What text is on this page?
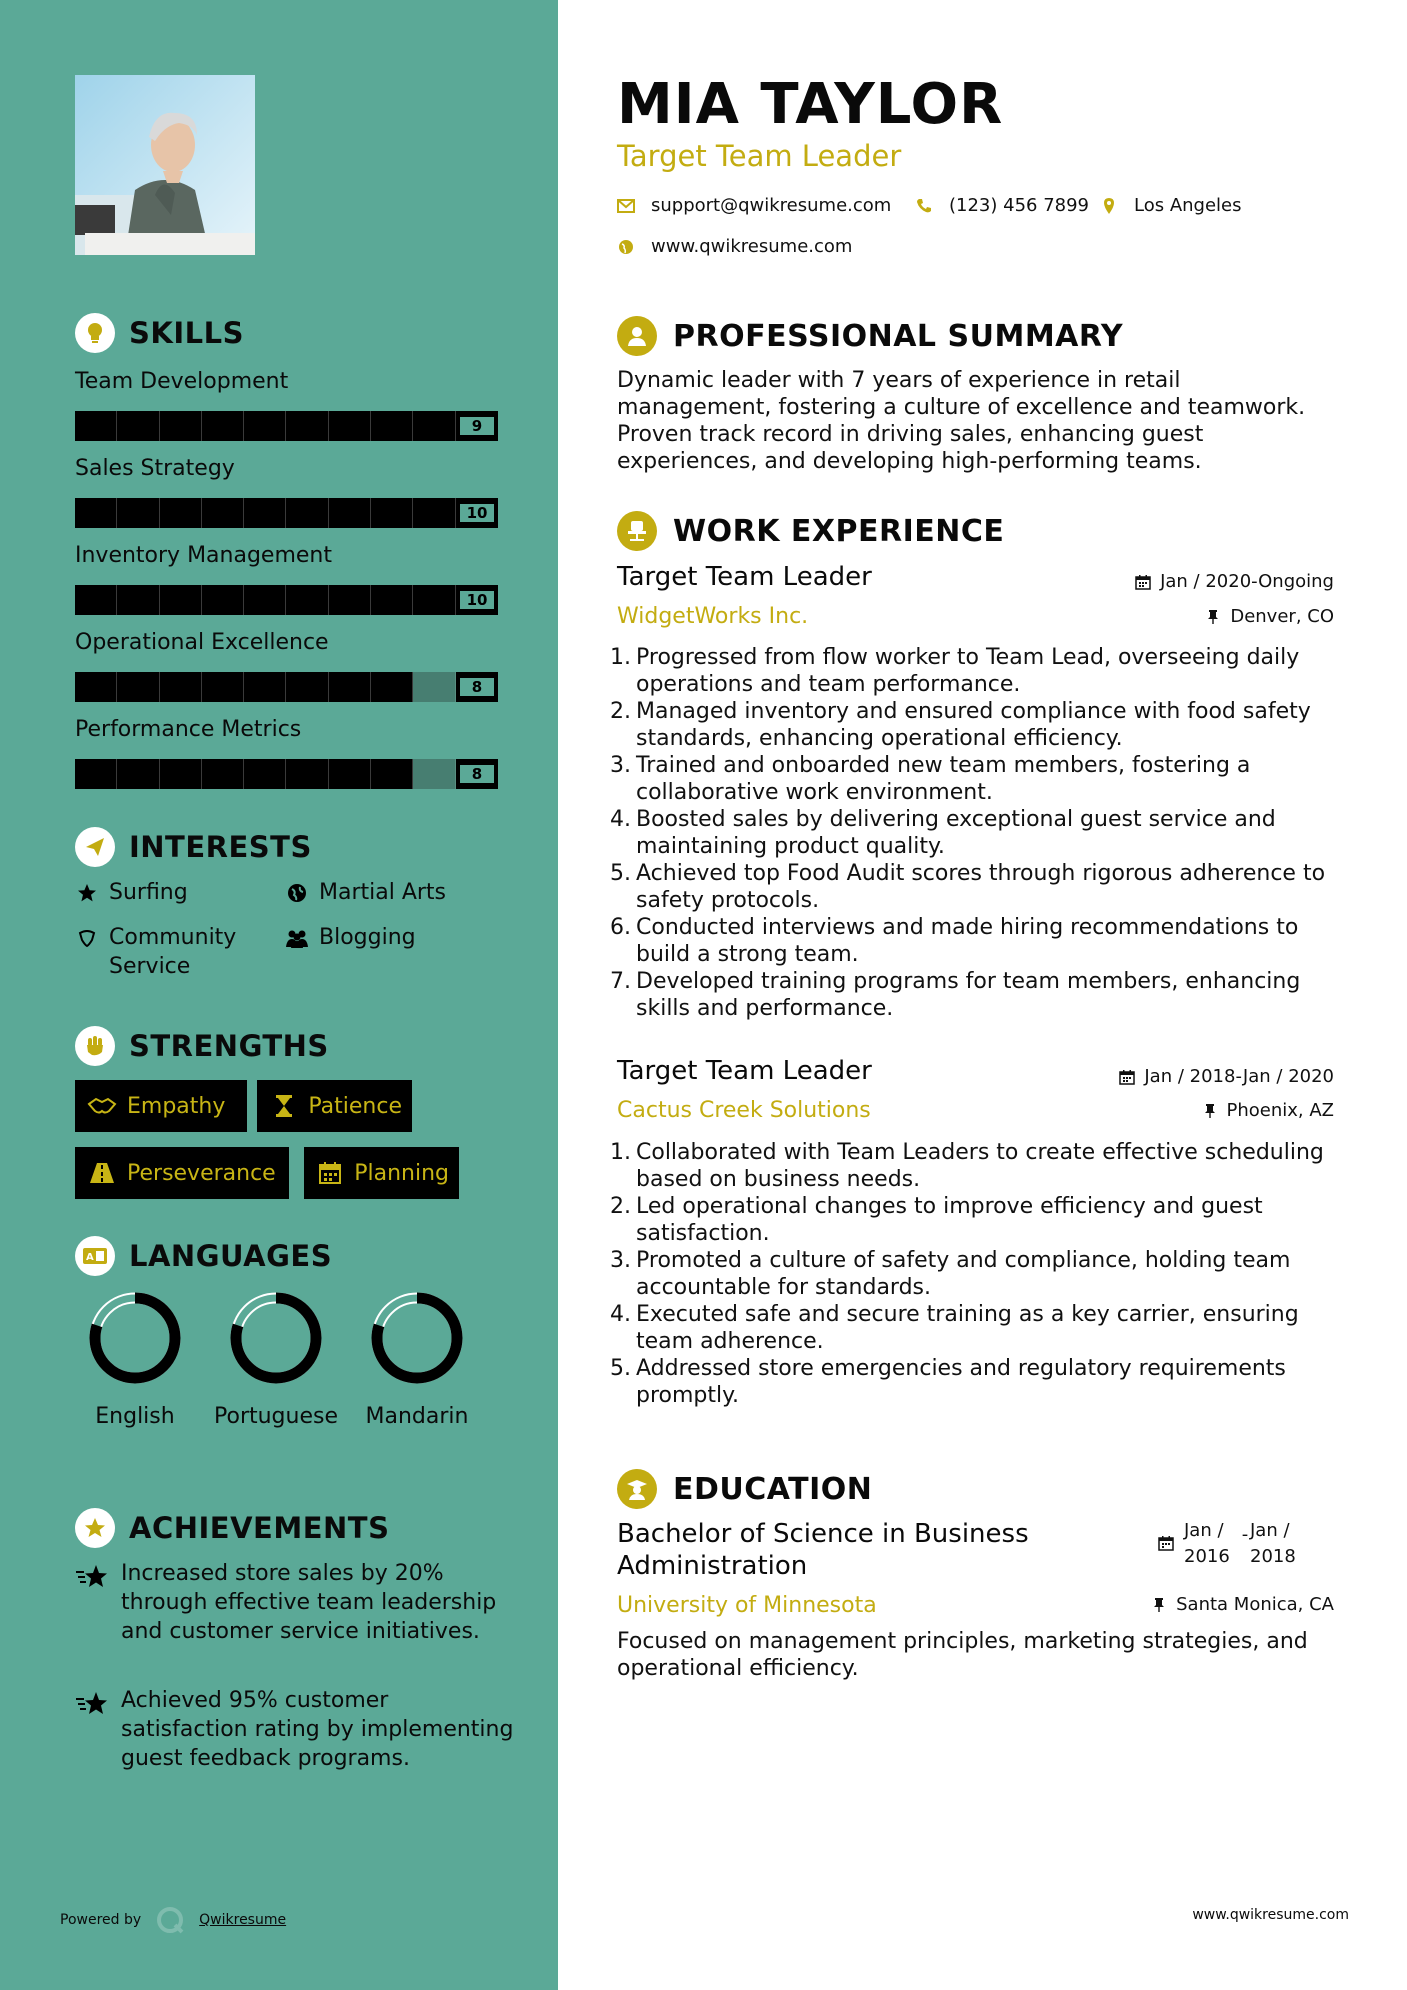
SKILLS
Team Development
9
Sales Strategy
10
Inventory Management
10
Operational Excellence
8
Performance Metrics
8
INTERESTS
Surfing	Martial Arts
Community Service
Blogging
STRENGTHS
Empathy	Patience
Perseverance	Planning
A LANGUAGES
English	Portuguese	Mandarin
ACHIEVEMENTS
Increased store sales by 20% through effective team leadership and customer service initiatives.
Achieved 95% customer satisfaction rating by implementing guest feedback programs.
Powered by	Qwikresume
MIA TAYLOR
Target Team Leader
support@qwikresume.com	(123) 456 7899 Los Angeles
www.qwikresume.com
PROFESSIONAL SUMMARY
Dynamic leader with 7 years of experience in retail management, fostering a culture of excellence and teamwork. Proven track record in driving sales, enhancing guest experiences, and developing high-performing teams.
WORK EXPERIENCE
Target Team Leader	Jan / 2020-Ongoing
WidgetWorks Inc.	Denver, CO
1. Progressed from flow worker to Team Lead, overseeing daily operations and team performance.
2. Managed inventory and ensured compliance with food safety standards, enhancing operational efficiency.
3. Trained and onboarded new team members, fostering a collaborative work environment.
4. Boosted sales by delivering exceptional guest service and maintaining product quality.
5. Achieved top Food Audit scores through rigorous adherence to safety protocols.
6. Conducted interviews and made hiring recommendations to build a strong team.
7. Developed training programs for team members, enhancing skills and performance.
Target Team Leader	Jan / 2018-Jan / 2020
Cactus Creek Solutions	Phoenix, AZ
1. Collaborated with Team Leaders to create effective scheduling based on business needs.
2. Led operational changes to improve efficiency and guest satisfaction.
3. Promoted a culture of safety and compliance, holding team accountable for standards.
4. Executed safe and secure training as a key carrier, ensuring team adherence.
5. Addressed store emergencies and regulatory requirements promptly.
EDUCATION
Bachelor of Science in Business Administration
Jan / 2016
- Jan / 2018
University of Minnesota	Santa Monica, CA
Focused on management principles, marketing strategies, and operational efficiency.
www.qwikresume.com
